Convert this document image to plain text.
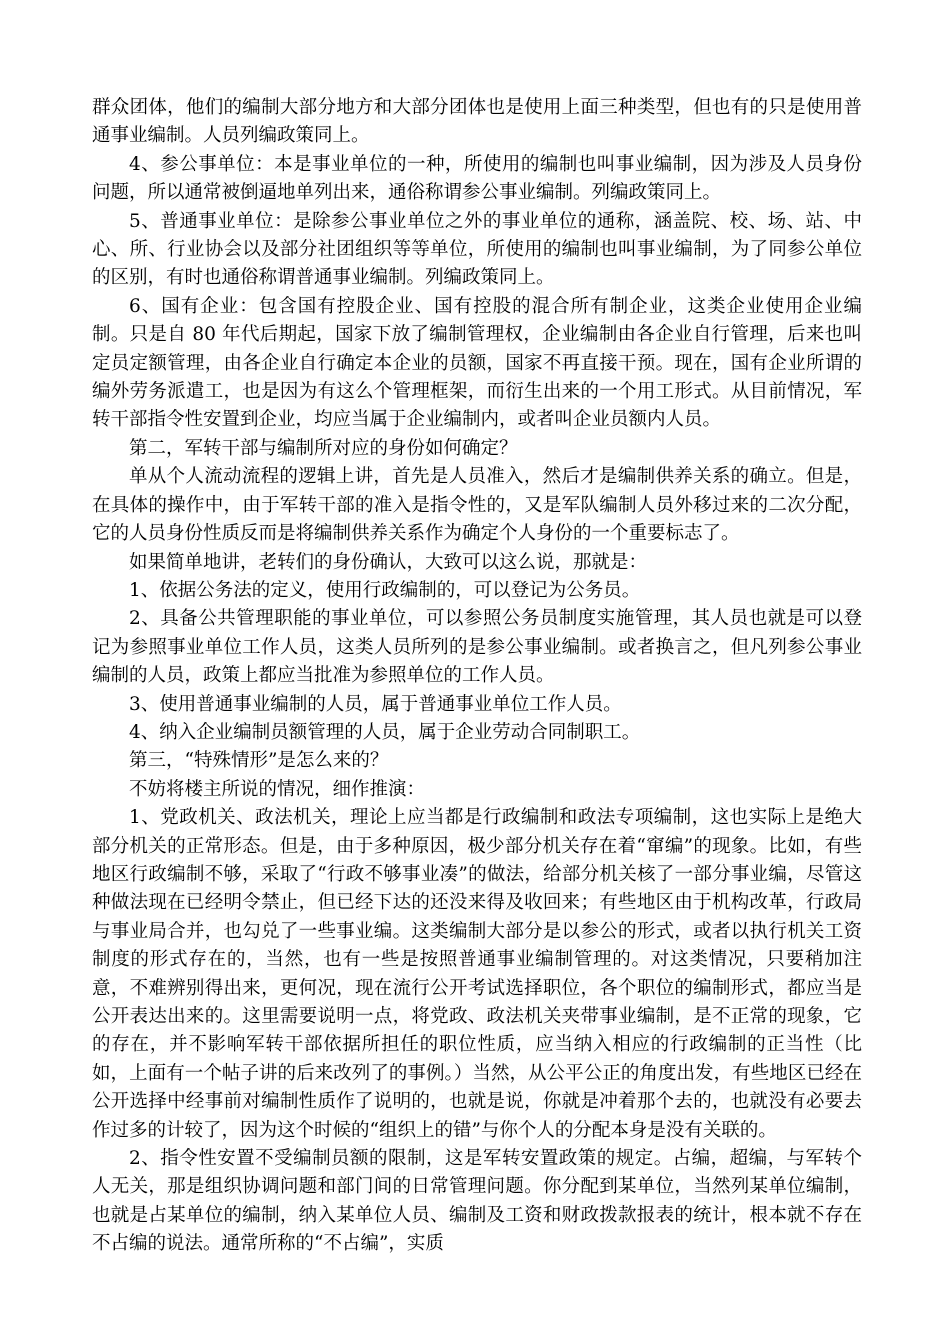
群众团体，他们的编制大部分地方和大部分团体也是使用上面三种类型，但也有的只是使用普通事业编制。人员列编政策同上。

4、参公事单位：本是事业单位的一种，所使用的编制也叫事业编制，因为涉及人员身份问题，所以通常被倒逼地单列出来，通俗称谓参公事业编制。列编政策同上。

5、普通事业单位：是除参公事业单位之外的事业单位的通称，涵盖院、校、场、站、中心、所、行业协会以及部分社团组织等等单位，所使用的编制也叫事业编制，为了同参公单位的区别，有时也通俗称谓普通事业编制。列编政策同上。

6、国有企业：包含国有控股企业、国有控股的混合所有制企业，这类企业使用企业编制。只是自 80 年代后期起，国家下放了编制管理权，企业编制由各企业自行管理，后来也叫定员定额管理，由各企业自行确定本企业的员额，国家不再直接干预。现在，国有企业所谓的编外劳务派遣工，也是因为有这么个管理框架，而衍生出来的一个用工形式。从目前情况，军转干部指令性安置到企业，均应当属于企业编制内，或者叫企业员额内人员。

第二，军转干部与编制所对应的身份如何确定？

单从个人流动流程的逻辑上讲，首先是人员准入，然后才是编制供养关系的确立。但是，在具体的操作中，由于军转干部的准入是指令性的，又是军队编制人员外移过来的二次分配，它的人员身份性质反而是将编制供养关系作为确定个人身份的一个重要标志了。

如果简单地讲，老转们的身份确认，大致可以这么说，那就是：

1、依据公务法的定义，使用行政编制的，可以登记为公务员。

2、具备公共管理职能的事业单位，可以参照公务员制度实施管理，其人员也就是可以登记为参照事业单位工作人员，这类人员所列的是参公事业编制。或者换言之，但凡列参公事业编制的人员，政策上都应当批准为参照单位的工作人员。

3、使用普通事业编制的人员，属于普通事业单位工作人员。

4、纳入企业编制员额管理的人员，属于企业劳动合同制职工。

第三，“特殊情形”是怎么来的？

不妨将楼主所说的情况，细作推演：

1、党政机关、政法机关，理论上应当都是行政编制和政法专项编制，这也实际上是绝大部分机关的正常形态。但是，由于多种原因，极少部分机关存在着“窜编”的现象。比如，有些地区行政编制不够，采取了“行政不够事业凑”的做法，给部分机关核了一部分事业编，尽管这种做法现在已经明令禁止，但已经下达的还没来得及收回来；有些地区由于机构改革，行政局与事业局合并，也勾兑了一些事业编。这类编制大部分是以参公的形式，或者以执行机关工资制度的形式存在的，当然，也有一些是按照普通事业编制管理的。对这类情况，只要稍加注意，不难辨别得出来，更何况，现在流行公开考试选择职位，各个职位的编制形式，都应当是公开表达出来的。这里需要说明一点，将党政、政法机关夹带事业编制，是不正常的现象，它的存在，并不影响军转干部依据所担任的职位性质，应当纳入相应的行政编制的正当性（比如，上面有一个帖子讲的后来改列了的事例。）当然，从公平公正的角度出发，有些地区已经在公开选择中经事前对编制性质作了说明的，也就是说，你就是冲着那个去的，也就没有必要去作过多的计较了，因为这个时候的“组织上的错”与你个人的分配本身是没有关联的。

2、指令性安置不受编制员额的限制，这是军转安置政策的规定。占编，超编，与军转个人无关，那是组织协调问题和部门间的日常管理问题。你分配到某单位，当然列某单位编制，也就是占某单位的编制，纳入某单位人员、编制及工资和财政拨款报表的统计，根本就不存在不占编的说法。通常所称的“不占编”，实质
